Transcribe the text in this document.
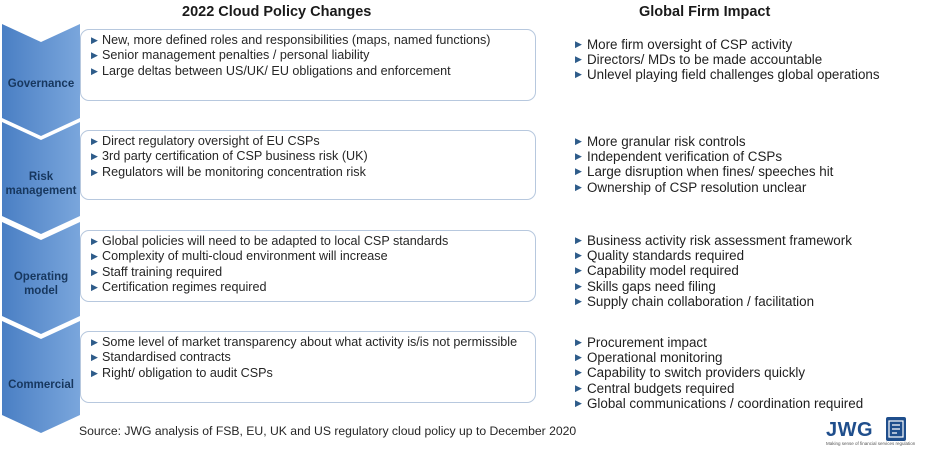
2022 Cloud Policy Changes	Global Firm Impact
Governance
▶ New, more defined roles and responsibilities (maps, named functions)
▶ Senior management penalties / personal liability
▶ Large deltas between US/UK/ EU obligations and enforcement
▶ More firm oversight of CSP activity
▶ Directors/ MDs to be made accountable
▶ Unlevel playing field challenges global operations
Risk
management
▶ Direct regulatory oversight of EU CSPs
▶ 3rd party certification of CSP business risk (UK)
▶ Regulators will be monitoring concentration risk
▶ More granular risk controls
▶ Independent verification of CSPs
▶ Large disruption when fines/ speeches hit
▶ Ownership of CSP resolution unclear
Operating
model
▶ Global policies will need to be adapted to local CSP standards
▶ Complexity of multi-cloud environment will increase
▶ Staff training required
▶ Certification regimes required
▶ Business activity risk assessment framework
▶ Quality standards required
▶ Capability model required
▶ Skills gaps need filing
▶ Supply chain collaboration / facilitation
Commercial
▶ Some level of market transparency about what activity is/is not permissible
▶ Standardised contracts
▶ Right/ obligation to audit CSPs
▶ Procurement impact
▶ Operational monitoring
▶ Capability to switch providers quickly
▶ Central budgets required
▶ Global communications / coordination required
Source: JWG analysis of FSB, EU, UK and US regulatory cloud policy up to December 2020	JWG
Making sense of financial services regulation
